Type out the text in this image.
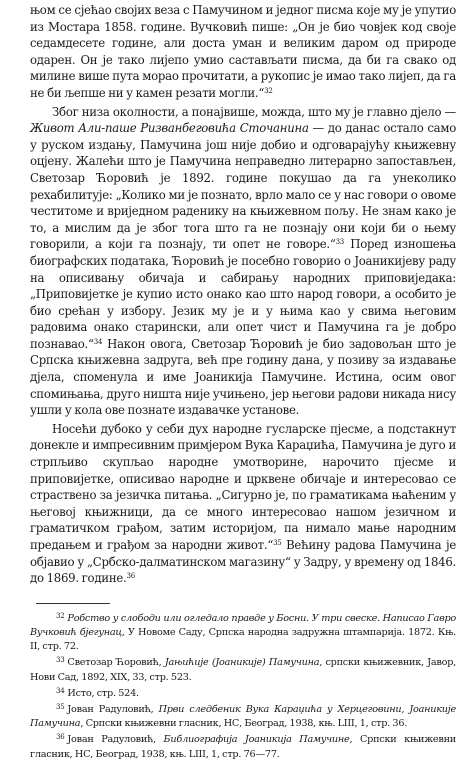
њом се сјећао својих веза с Памучином и једног писма које му је упутио из Мостара 1858. године. Вучковић пише: „Он је био човјек код своје седамдесете године, али доста уман и великим даром од природе одарен. Он је тако лијепо умио састављати писма, да би га свако од милине више пута морао прочитати, а рукопис је имао тако лијеп, да га не би љепше ни у камен резати могли.“$^{32}$

Због низа околности, а понајвише, можда, што му је главно дјело — Живот Али-паше Ризванбеговића Сточанина — до данас остало само у руском издању, Памучина још није добио и одговарајућу књижевну оцјену. Жалећи што је Памучина неправедно литерарно запостављен, Светозар Ћоровић је 1892. године покушао да га унеколико рехабилитује: „Колико ми је познато, врло мало се у нас говори о овоме честитоме и вриједном раденику на књижевном пољу. Не знам како је то, а мислим да је због тога што га не познају они који би о њему говорили, а који га познају, ти опет не говоре.“$^{33}$ Поред изношења биографских података, Ћоровић је посебно говорио о Јоаникијеву раду на описивању обичаја и сабирању народних приповиједака: „Приповијетке је купио исто онако као што народ говори, а особито је био срећан у избору. Језик му је и у њима као у свима његовим радовима онако старински, али опет чист и Памучина га је добро познавао.“$^{34}$ Након овога, Светозар Ћоровић је био задовољан што је Српска књижевна задруга, већ пре годину дана, у позиву за издавање дјела, споменула и име Јоаникија Памучине. Истина, осим овог спомињања, друго ништа није учињено, јер његови радови никада нису ушли у кола ове познате издавачке установе.

Носећи дубоко у себи дух народне гусларске пјесме, а подстакнут донекле и импресивним примјером Вука Караџића, Памучина је дуго и стрпљиво скупљао народне умотворине, нарочито пјесме и приповијетке, описивао народне и црквене обичаје и интересовао се страствено за језичка питања. „Сигурно је, по граматикама њаћеним у његовој књижници, да се много интересовао нашом језичном и граматичком грађом, затим историјом, па нимало мање народним предањем и грађом за народни живот.“$^{35}$ Већину радова Памучина је објавио у „Србско-далматинском магазину“ у Задру, у времену од 1846. до 1869. године.$^{36}$

$^{32}$ Робство у слободи или огледало правде у Босни. У три свеске. Написао Гавро Вучковић бјегунац, У Новоме Саду, Српска народна задружна штампарија. 1872. Књ. II, стр. 72.
$^{33}$ Светозар Ћоровић, Јањићије (Јоаникије) Памучина, српски књижевник, Јавор, Нови Сад, 1892, XIX, 33, стр. 523.
$^{34}$ Исто, стр. 524.
$^{35}$ Јован Радуловић, Први следбеник Вука Караџића у Херцеговини, Јоаникије Памучина, Српски књижевни гласник, НС, Београд, 1938, књ. LIII, 1, стр. 36.
$^{36}$ Јован Радуловић, Библиографија Јоаникија Памучине, Српски књижевни гласник, НС, Београд, 1938, књ. LIII, 1, стр. 76—77.
